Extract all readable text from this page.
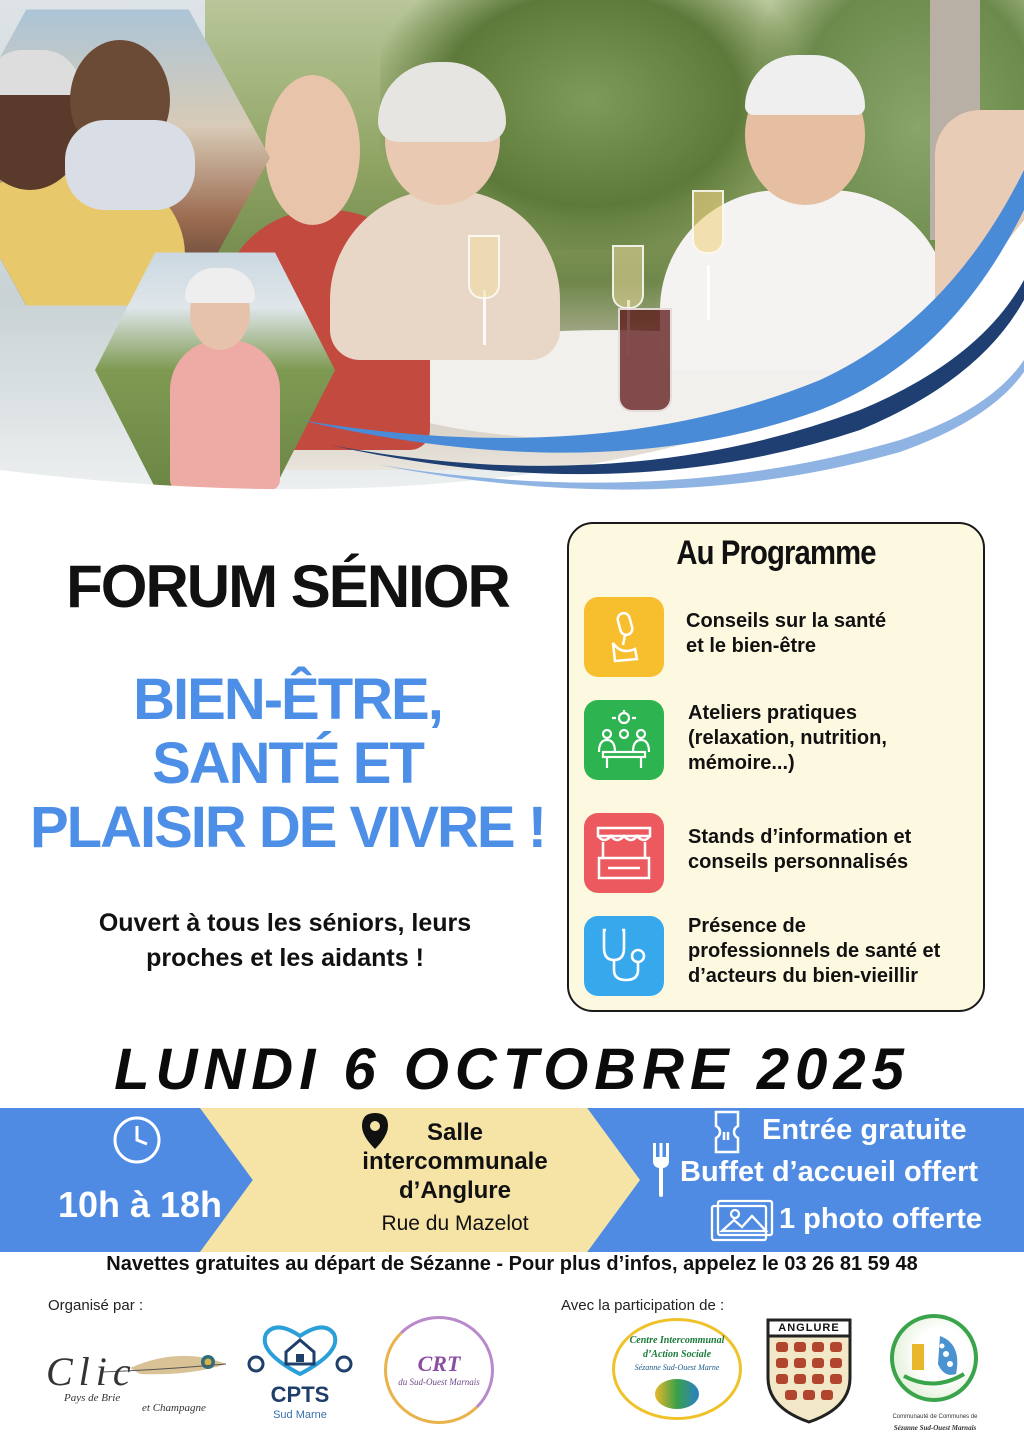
FORUM SÉNIOR
BIEN-ÊTRE,
SANTÉ ET
PLAISIR DE VIVRE !
Ouvert à tous les séniors, leurs
proches et les aidants !
Au Programme
Conseils sur la santé
et le bien-être
Ateliers pratiques
(relaxation, nutrition,
mémoire...)
Stands d’information et
conseils personnalisés
Présence de
professionnels de santé et
d’acteurs du bien-vieillir
LUNDI 6 OCTOBRE 2025
10h à 18h
Salle
intercommunale
d’Anglure
Rue du Mazelot
Entrée gratuite
Buffet d’accueil offert
1 photo offerte
Navettes gratuites au départ de Sézanne - Pour plus d’infos, appelez le 03 26 81 59 48
Organisé par :	Avec la participation de :
Clic
Pays de Brie
et Champagne
CPTS
Sud Marne
CRT
du Sud-Ouest Marnais
Centre Intercommunal
d’Action Sociale
Sézanne Sud-Ouest Marne
ANGLURE
Communauté de Communes de
Sézanne Sud-Ouest Marnais
